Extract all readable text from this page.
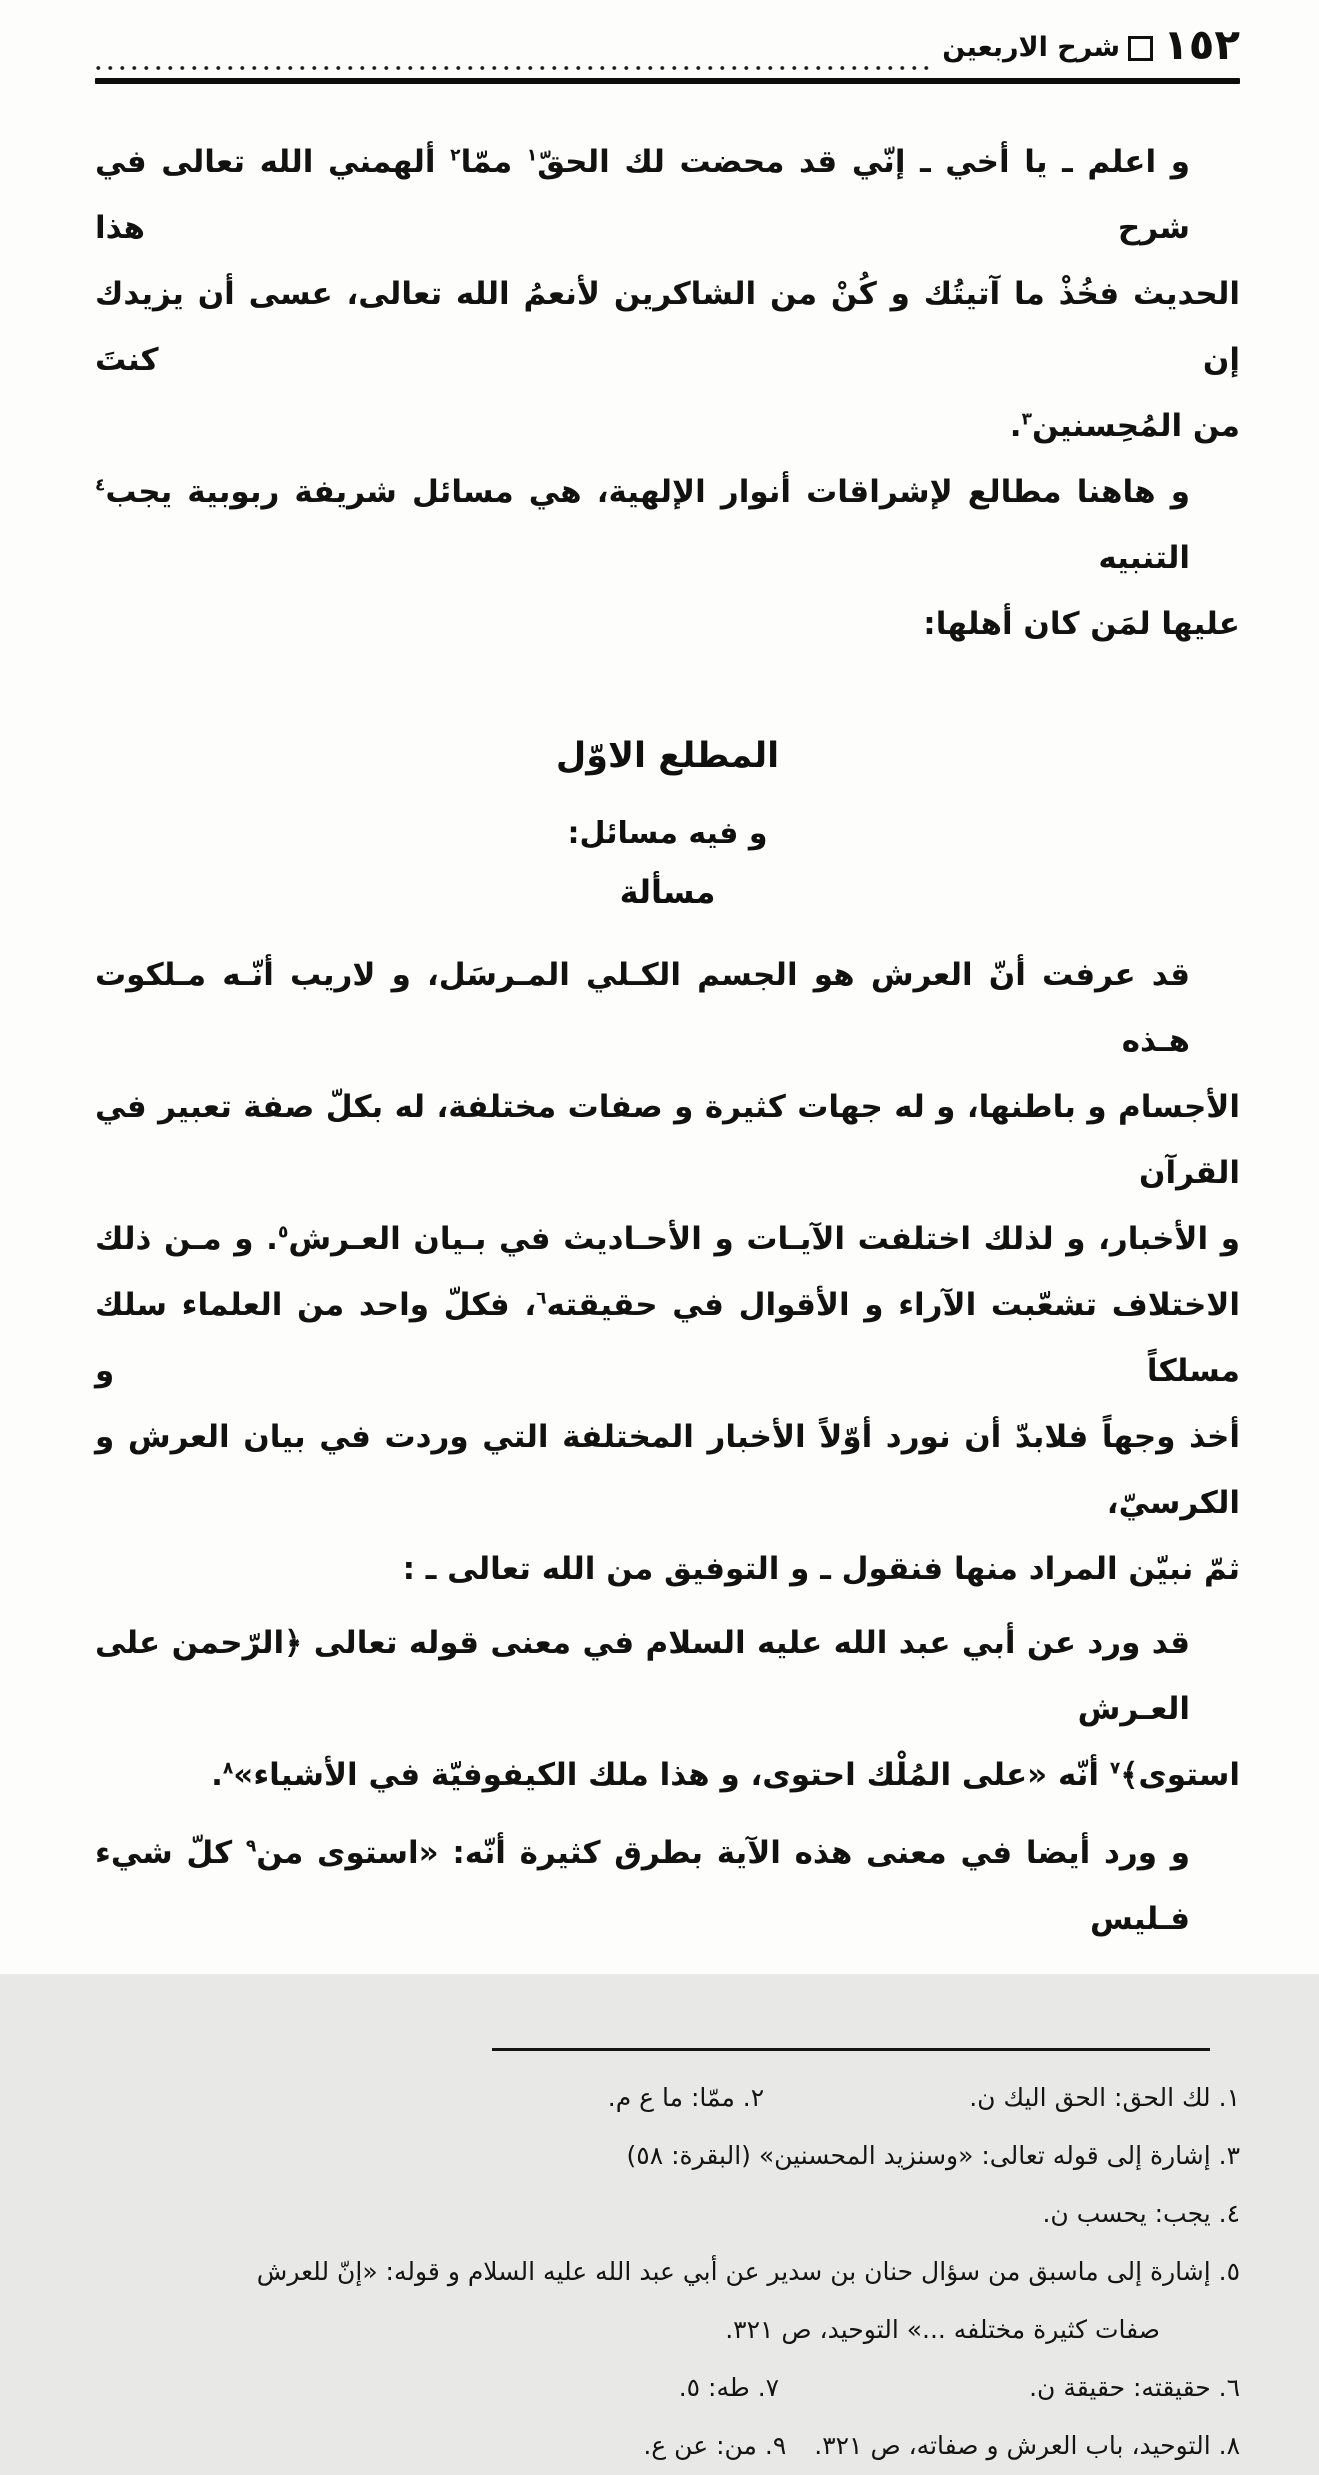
١٥٢
شرح الاربعين
و اعلم ـ يا أخي ـ إنّي قد محضت لك الحقّ$^١$ ممّا$^٢$ ألهمني الله تعالى في شرح هذا
الحديث فخُذْ ما آتيتُك و كُنْ من الشاكرين لأنعمُ الله تعالى، عسى أن يزيدك إن كنتَ
من المُحِسنين$^٣$.
و هاهنا مطالع لإشراقات أنوار الإلهية، هي مسائل شريفة ربوبية يجب$^٤$ التنبيه
عليها لمَن كان أهلها:
المطلع الاوّل
و فيه مسائل:
مسألة
قد عرفت أنّ العرش هو الجسم الكـلي المـرسَل، و لاريب أنّـه مـلكوت هـذه
الأجسام و باطنها، و له جهات كثيرة و صفات مختلفة، له بكلّ صفة تعبير في القرآن
و الأخبار، و لذلك اختلفت الآيـات و الأحـاديث في بـيان العـرش$^٥$. و مـن ذلك
الاختلاف تشعّبت الآراء و الأقوال في حقيقته$^٦$، فكلّ واحد من العلماء سلك مسلكاً و
أخذ وجهاً فلابدّ أن نورد أوّلاً الأخبار المختلفة التي وردت في بيان العرش و الكرسيّ،
ثمّ نبيّن المراد منها فنقول ـ و التوفيق من الله تعالى ـ :
قد ورد عن أبي عبد الله عليه السلام في معنى قوله تعالى ﴿الرّحمن على العـرش
استوى﴾$^٧$ أنّه «على المُلْك احتوى، و هذا ملك الكيفوفيّة في الأشياء»$^٨$.
و ورد أيضا في معنى هذه الآية بطرق كثيرة أنّه: «استوى من$^٩$ كلّ شيء فـليس
١. لك الحق: الحق اليك ن.
٢. ممّا: ما ع م.
٣. إشارة إلى قوله تعالى: «وسنزيد المحسنين» (البقرة: ٥٨)
٤. يجب: يحسب ن.
٥. إشارة إلى ماسبق من سؤال حنان بن سدير عن أبي عبد الله عليه السلام و قوله: «إنّ للعرش
صفات كثيرة مختلفه ...» التوحيد، ص ٣٢١.
٦. حقيقته: حقيقة ن.
٧. طه: ٥.
٨. التوحيد، باب العرش و صفاته، ص ٣٢١.
٩. من: عن ع.
